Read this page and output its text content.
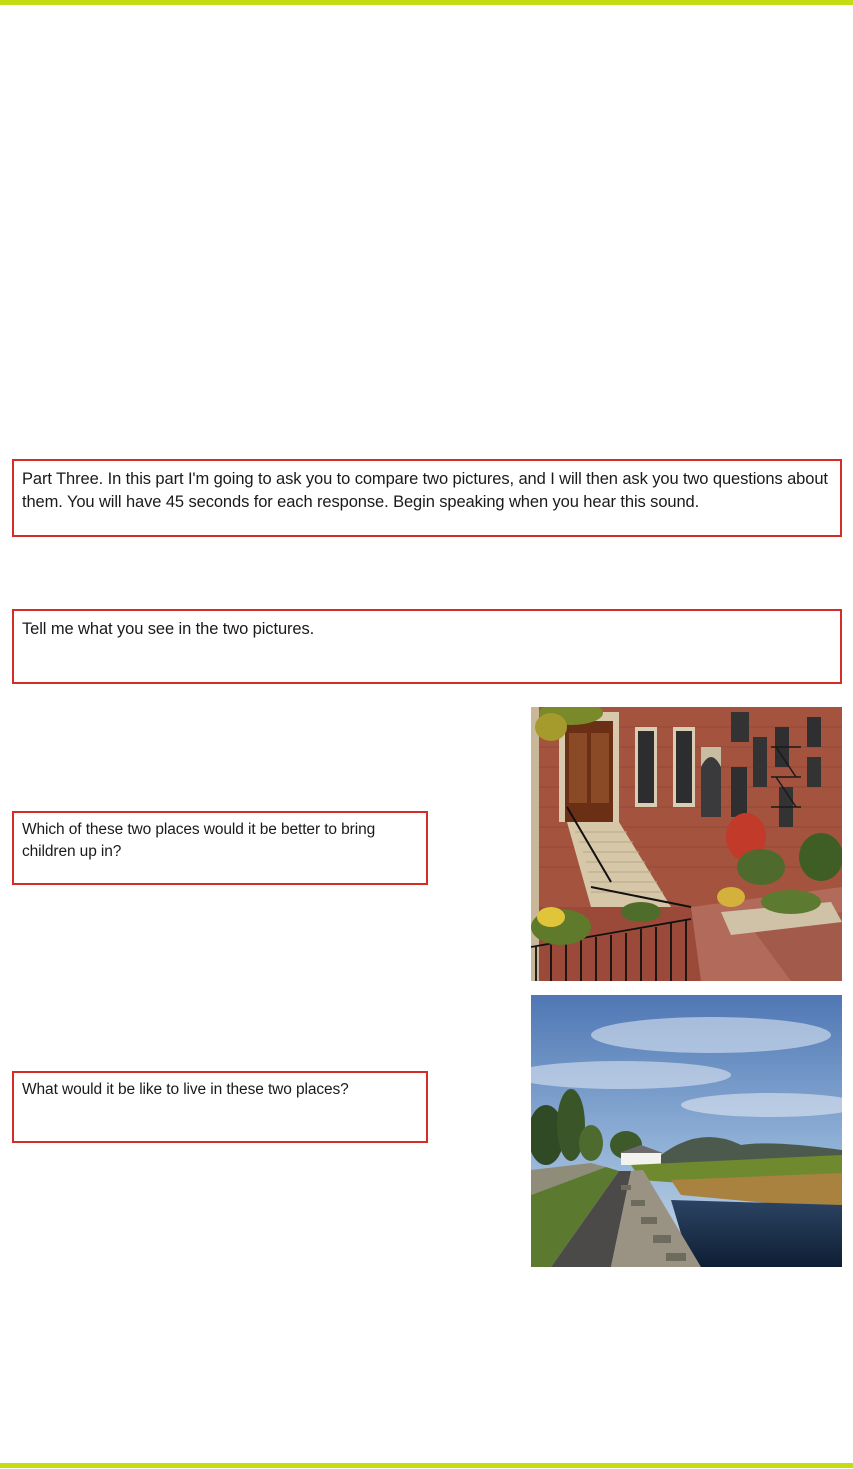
Part Three. In this part I'm going to ask you to compare two pictures, and I will then ask you two questions about them. You will have 45 seconds for each response. Begin speaking when you hear this sound.
Tell me what you see in the two pictures.
Which of these two places would it be better to bring children up in?
What would it be like to live in these two places?
